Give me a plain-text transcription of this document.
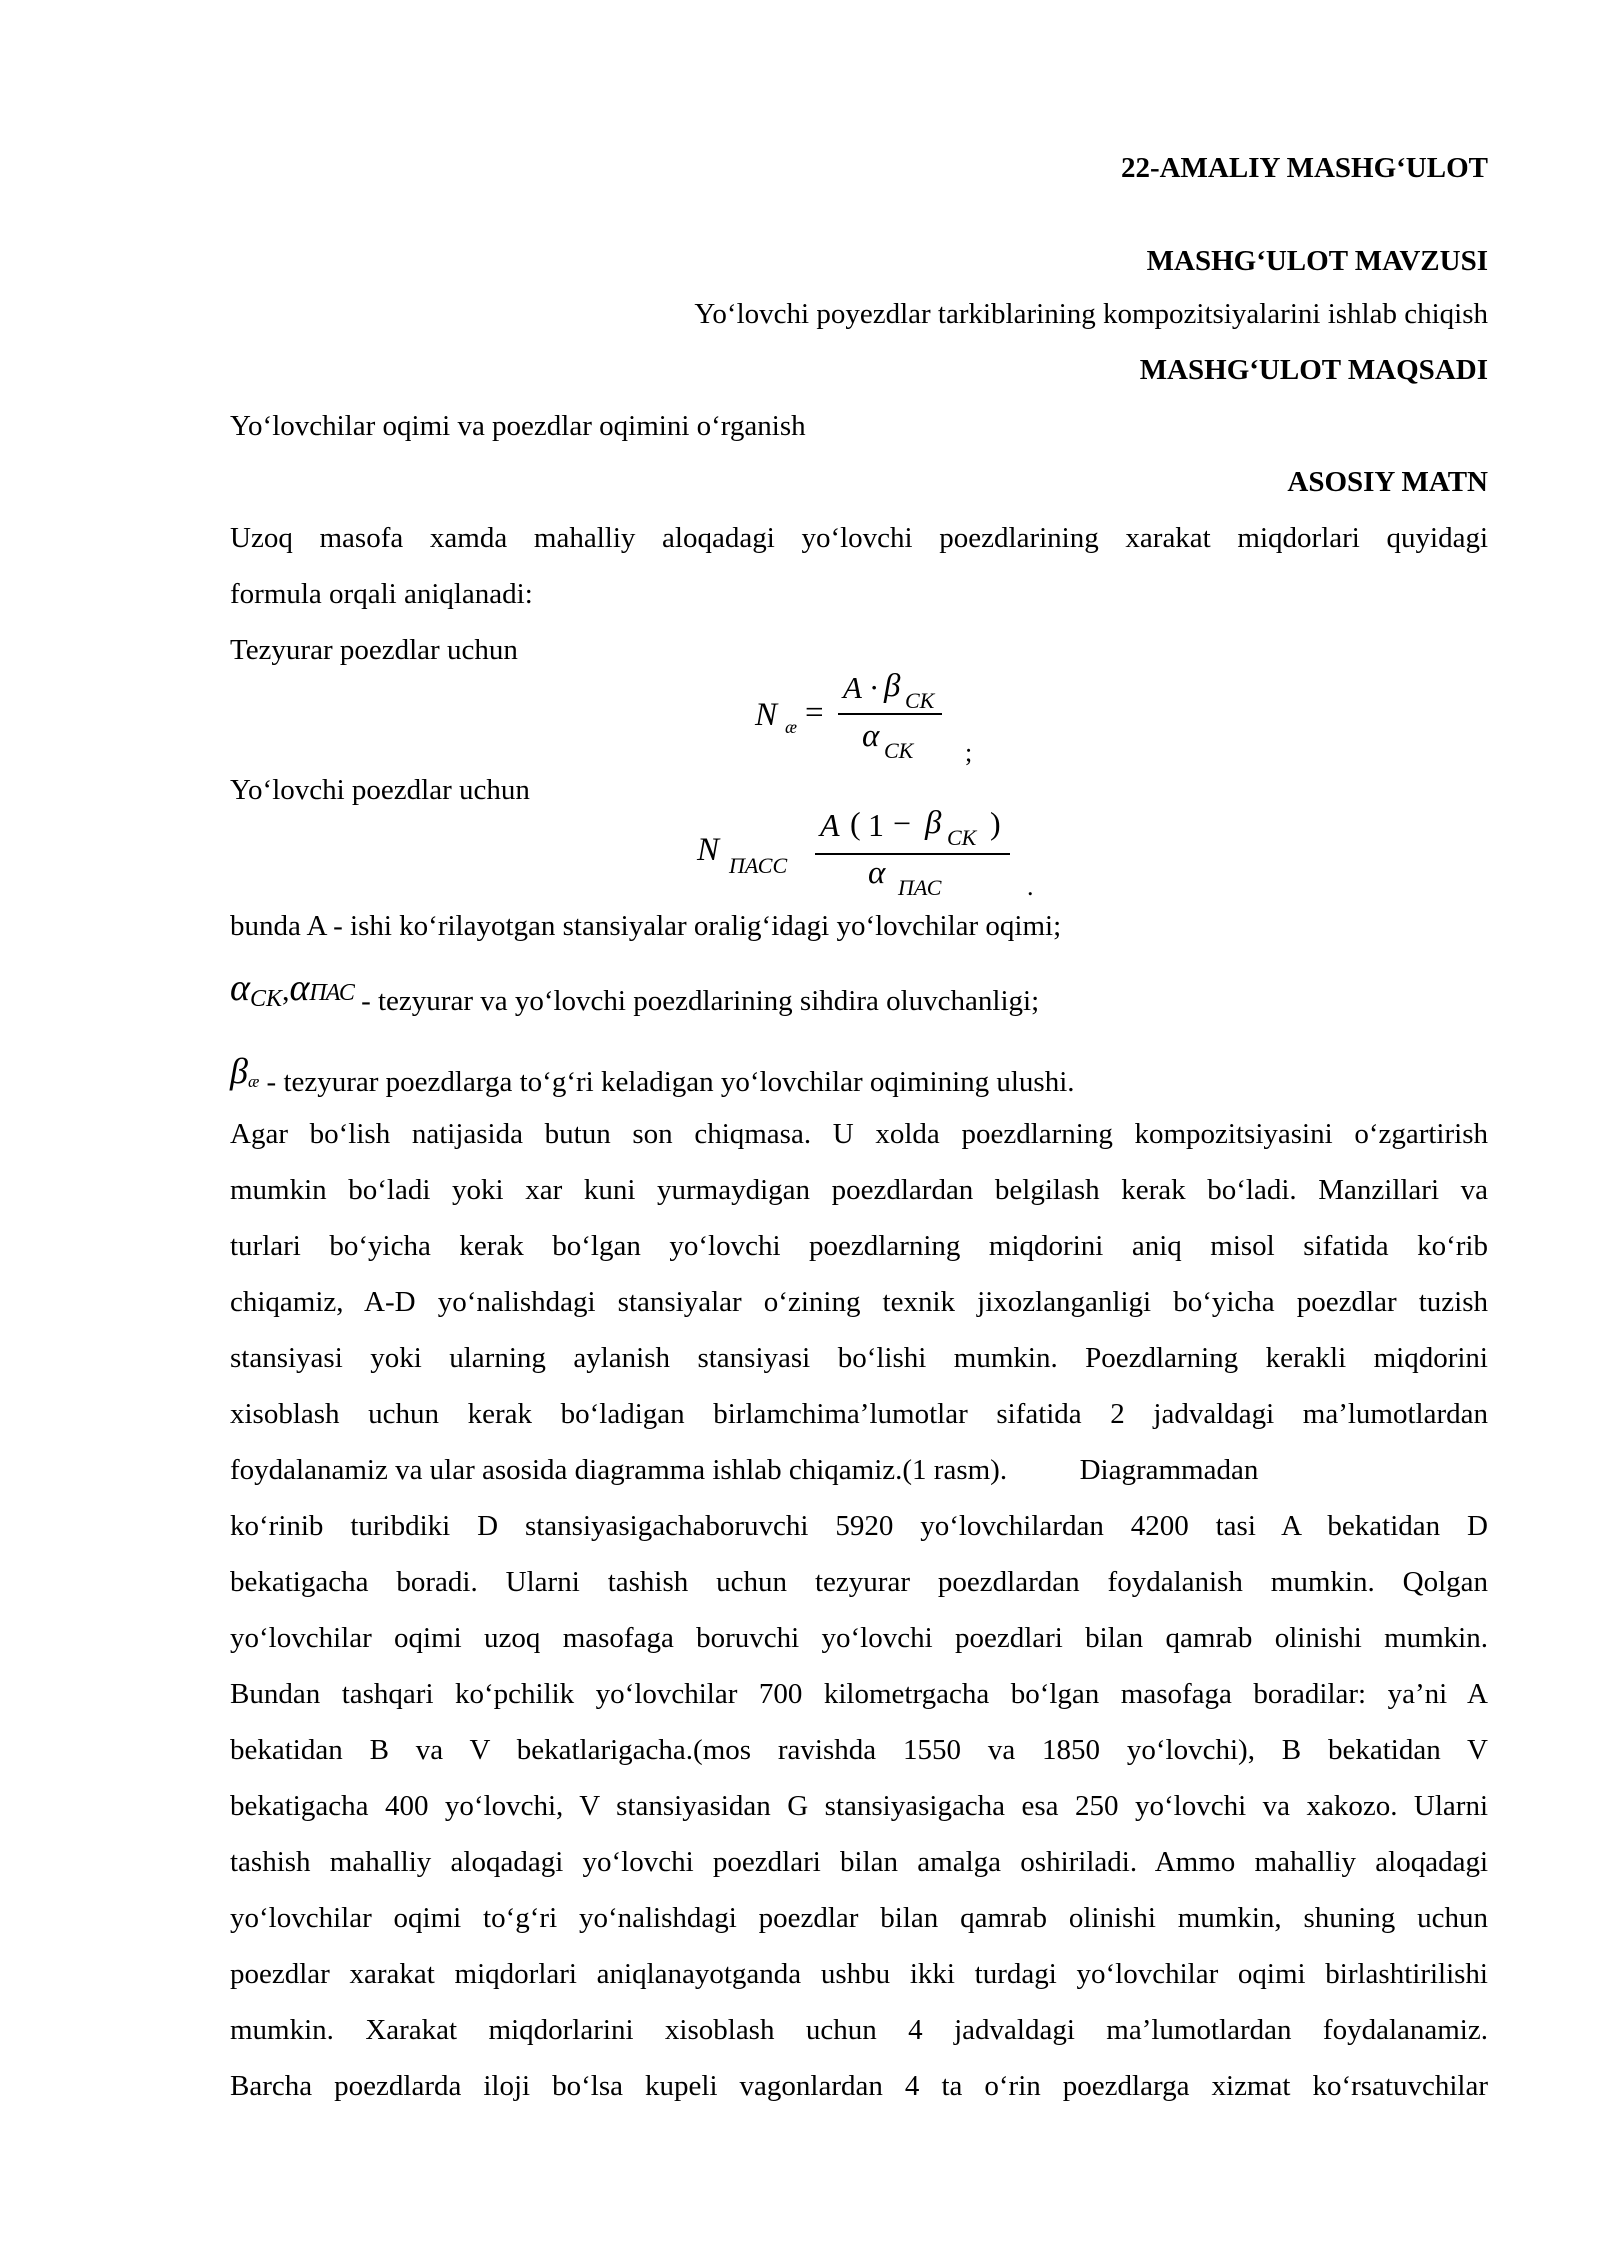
22-AMALIY MASHG‘ULOT
MASHG‘ULOT MAVZUSI
Yo‘lovchi poyezdlar tarkiblarining kompozitsiyalarini ishlab chiqish
MASHG‘ULOT MAQSADI
Yo‘lovchilar oqimi va poezdlar oqimini o‘rganish
ASOSIY MATN
Uzoq masofa xamda mahalliy aloqadagi yo‘lovchi poezdlarining xarakat miqdorlari quyidagi
formula orqali aniqlanadi:
Tezyurar poezdlar uchun
N æ =
A · β CK
α CK ;
Yo‘lovchi poezdlar uchun
N ПАСС
A ( 1 − β CK )
α ПАС	.
bunda A - ishi ko‘rilayotgan stansiyalar oralig‘idagi yo‘lovchilar oqimi;
$\alpha_{CK},\alpha ПАС$ - tezyurar va yo‘lovchi poezdlarining sihdira oluvchanligi;
βæ - tezyurar poezdlarga to‘g‘ri keladigan yo‘lovchilar oqimining ulushi.
Agar bo‘lish natijasida butun son chiqmasa. U xolda poezdlarning kompozitsiyasini o‘zgartirish
mumkin bo‘ladi yoki xar kuni yurmaydigan poezdlardan belgilash kerak bo‘ladi. Manzillari va
turlari bo‘yicha kerak bo‘lgan yo‘lovchi poezdlarning miqdorini aniq misol sifatida ko‘rib
chiqamiz, A-D yo‘nalishdagi stansiyalar o‘zining texnik jixozlanganligi bo‘yicha poezdlar tuzish
stansiyasi yoki ularning aylanish stansiyasi bo‘lishi mumkin. Poezdlarning kerakli miqdorini
xisoblash uchun kerak bo‘ladigan birlamchima’lumotlar sifatida 2 jadvaldagi ma’lumotlardan
foydalanamiz va ular asosida diagramma ishlab chiqamiz.(1 rasm).          Diagrammadan
ko‘rinib turibdiki D stansiyasigachaboruvchi 5920 yo‘lovchilardan 4200 tasi A bekatidan D
bekatigacha boradi. Ularni tashish uchun tezyurar poezdlardan foydalanish mumkin. Qolgan
yo‘lovchilar oqimi uzoq masofaga boruvchi yo‘lovchi poezdlari bilan qamrab olinishi mumkin.
Bundan tashqari ko‘pchilik yo‘lovchilar 700 kilometrgacha bo‘lgan masofaga boradilar: ya’ni A
bekatidan B va V bekatlarigacha.(mos ravishda 1550 va 1850 yo‘lovchi), B bekatidan V
bekatigacha 400 yo‘lovchi, V stansiyasidan G stansiyasigacha esa 250 yo‘lovchi va xakozo. Ularni
tashish mahalliy aloqadagi yo‘lovchi poezdlari bilan amalga oshiriladi. Ammo mahalliy aloqadagi
yo‘lovchilar oqimi to‘g‘ri yo‘nalishdagi poezdlar bilan qamrab olinishi mumkin, shuning uchun
poezdlar xarakat miqdorlari aniqlanayotganda ushbu ikki turdagi yo‘lovchilar oqimi birlashtirilishi
mumkin. Xarakat miqdorlarini xisoblash uchun 4 jadvaldagi ma’lumotlardan foydalanamiz.
Barcha poezdlarda iloji bo‘lsa kupeli vagonlardan 4 ta o‘rin poezdlarga xizmat ko‘rsatuvchilar
